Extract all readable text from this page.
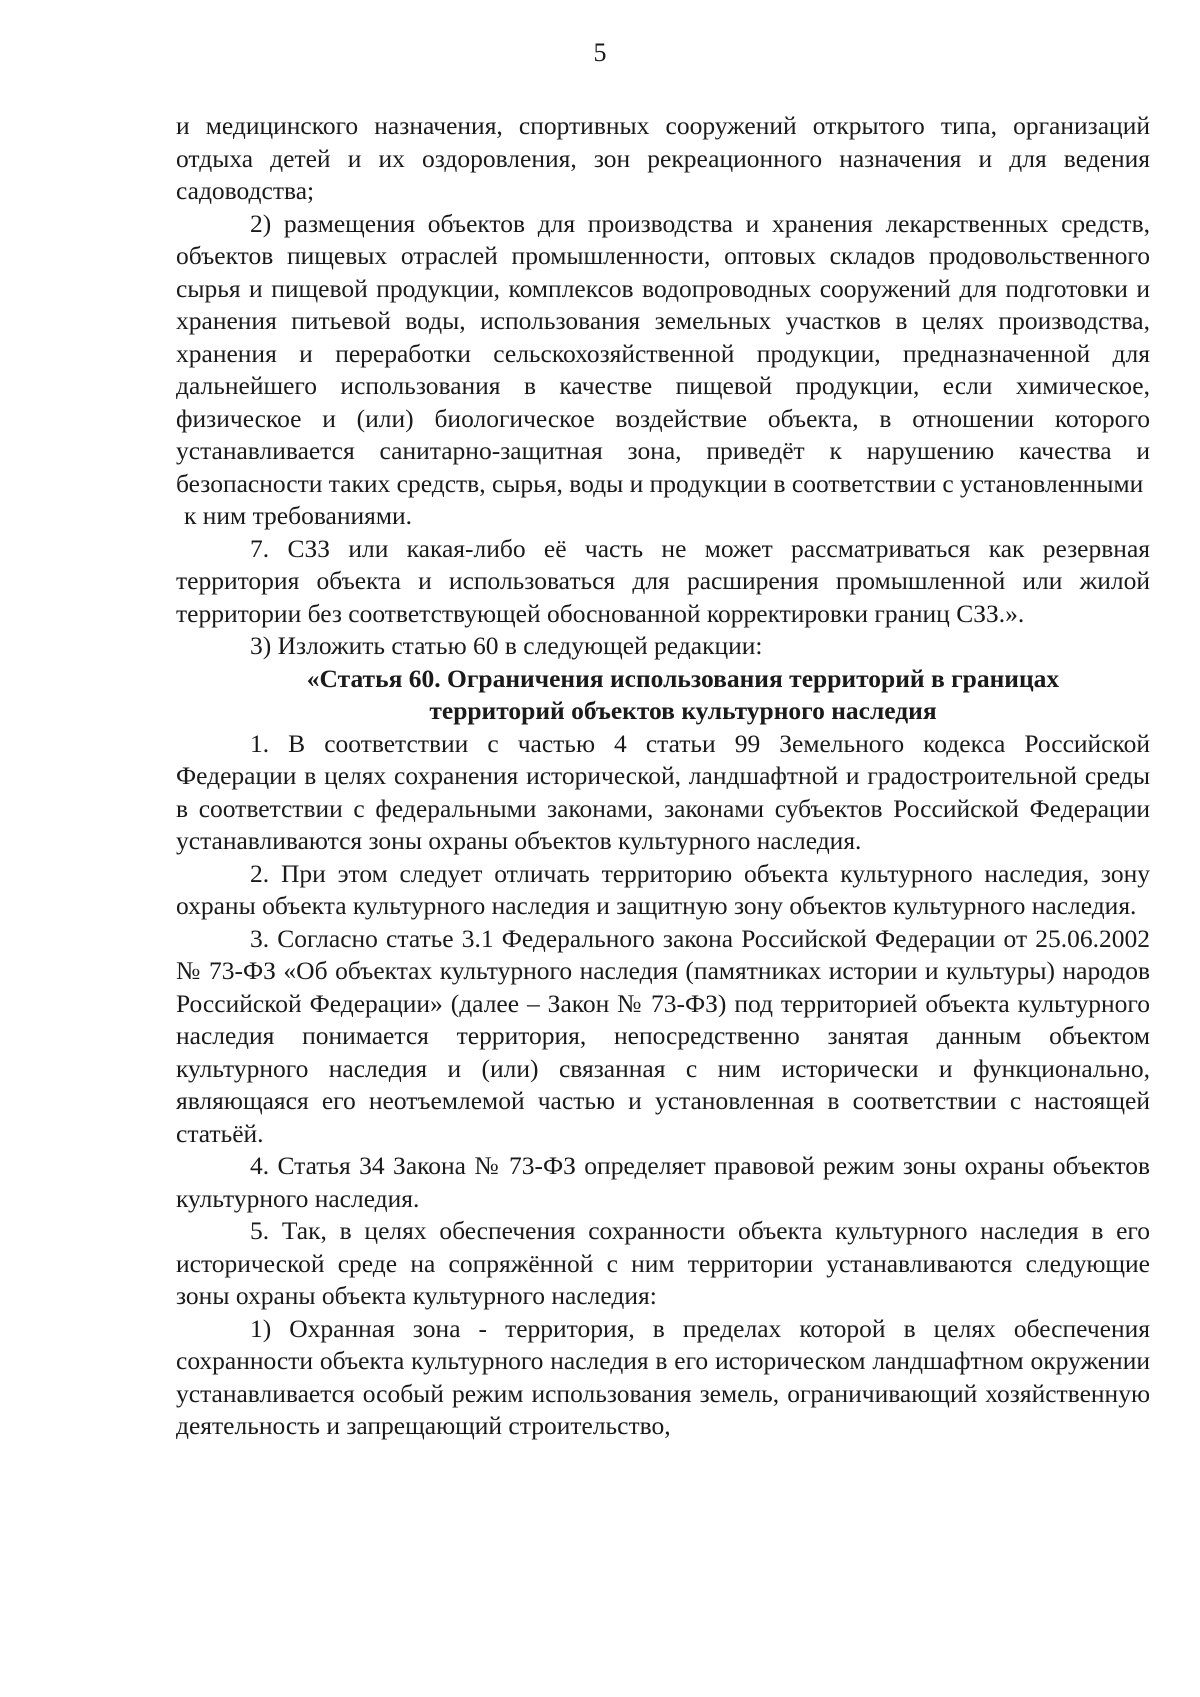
5

и медицинского назначения, спортивных сооружений открытого типа, организаций отдыха детей и их оздоровления, зон рекреационного назначения и для ведения садоводства;

2) размещения объектов для производства и хранения лекарственных средств, объектов пищевых отраслей промышленности, оптовых складов продовольственного сырья и пищевой продукции, комплексов водопроводных сооружений для подготовки и хранения питьевой воды, использования земельных участков в целях производства, хранения и переработки сельскохозяйственной продукции, предназначенной для дальнейшего использования в качестве пищевой продукции, если химическое, физическое и (или) биологическое воздействие объекта, в отношении которого устанавливается санитарно-защитная зона, приведёт к нарушению качества и безопасности таких средств, сырья, воды и продукции в соответствии с установленными

к ним требованиями.

7. СЗЗ или какая-либо её часть не может рассматриваться как резервная территория объекта и использоваться для расширения промышленной или жилой территории без соответствующей обоснованной корректировки границ СЗЗ.».

3) Изложить статью 60 в следующей редакции:

«Статья 60. Ограничения использования территорий в границах

территорий объектов культурного наследия

1. В соответствии с частью 4 статьи 99 Земельного кодекса Российской Федерации в целях сохранения исторической, ландшафтной и градостроительной среды в соответствии с федеральными законами, законами субъектов Российской Федерации устанавливаются зоны охраны объектов культурного наследия.

2. При этом следует отличать территорию объекта культурного наследия, зону охраны объекта культурного наследия и защитную зону объектов культурного наследия.

3. Согласно статье 3.1 Федерального закона Российской Федерации от 25.06.2002 № 73-ФЗ «Об объектах культурного наследия (памятниках истории и культуры) народов Российской Федерации» (далее – Закон № 73-ФЗ) под территорией объекта культурного наследия понимается территория, непосредственно занятая данным объектом культурного наследия и (или) связанная с ним исторически и функционально, являющаяся его неотъемлемой частью и установленная в соответствии с настоящей статьёй.

4. Статья 34 Закона № 73-ФЗ определяет правовой режим зоны охраны объектов культурного наследия.

5. Так, в целях обеспечения сохранности объекта культурного наследия в его исторической среде на сопряжённой с ним территории устанавливаются следующие зоны охраны объекта культурного наследия:

1) Охранная зона - территория, в пределах которой в целях обеспечения сохранности объекта культурного наследия в его историческом ландшафтном окружении устанавливается особый режим использования земель, ограничивающий хозяйственную деятельность и запрещающий строительство,
